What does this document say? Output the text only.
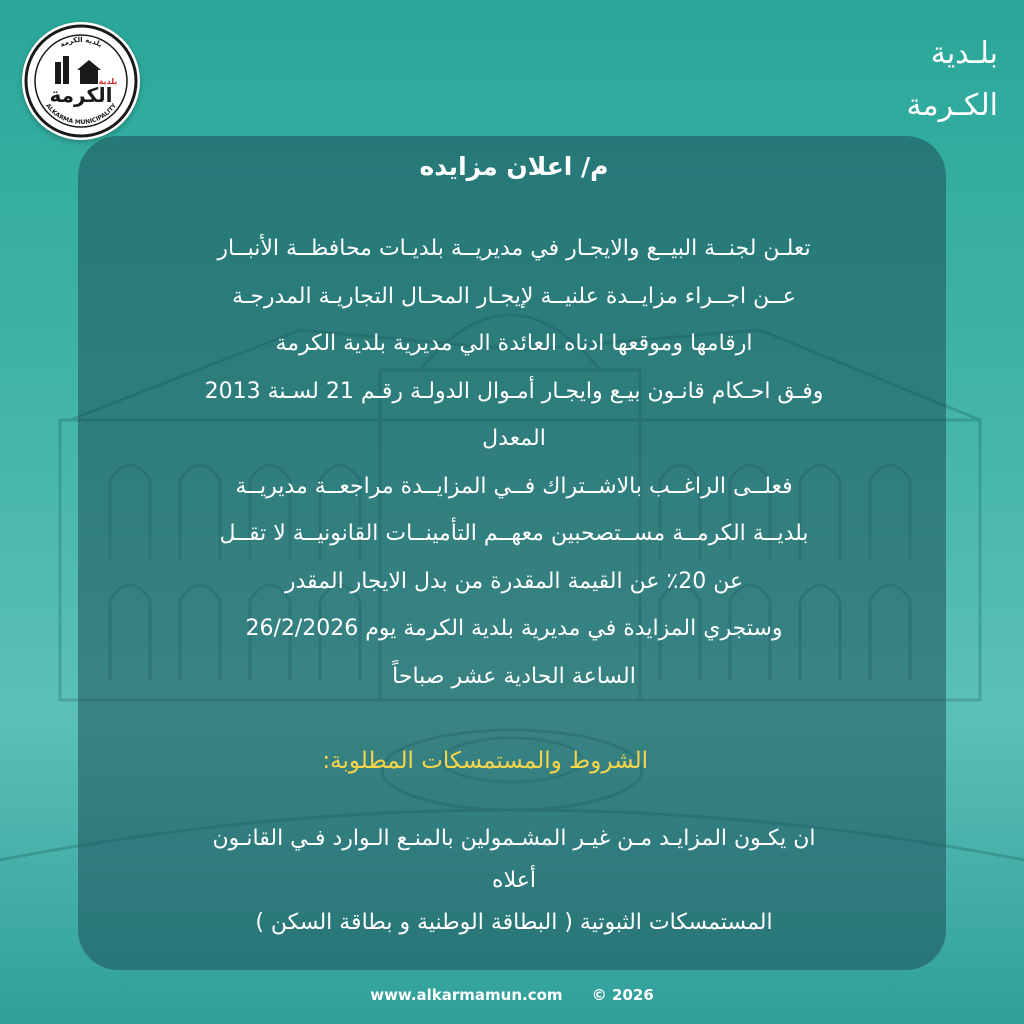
بلدية الكرمة
ALKARMA MUNICIPALITY
الكرمة
بلدية
بلـدية
الكـرمة
م/ اعلان مزايده
تعلـن لجنــة البيــع والايجـار في مديريــة بلديـات محافظــة الأنبــار
عــن اجــراء مزايــدة علنيــة لإيجـار المحـال التجاريـة المدرجـة
ارقامها وموقعها ادناه العائدة الي مديرية بلدية الكرمة
وفـق احـكام قانـون بيـع وايجـار أمـوال الدولـة رقـم 21 لسـنة 2013
المعدل
فعلــى الراغــب بالاشــتراك فــي المزايــدة مراجعــة مديريــة
بلديــة الكرمــة مســتصحبين معهــم التأمينــات القانونيــة لا تقــل
عن 20٪ عن القيمة المقدرة من بدل الايجار المقدر
وستجري المزايدة في مديرية بلدية الكرمة يوم 26/2/2026
الساعة الحادية عشر صباحاً
الشروط والمستمسكات المطلوبة:
ان يكـون المزايـد مـن غيـر المشـمولين بالمنـع الـوارد فـي القانـون
أعلاه
المستمسكات الثبوتية ( البطاقة الوطنية و بطاقة السكن )
www.alkarmamun.com © 2026
